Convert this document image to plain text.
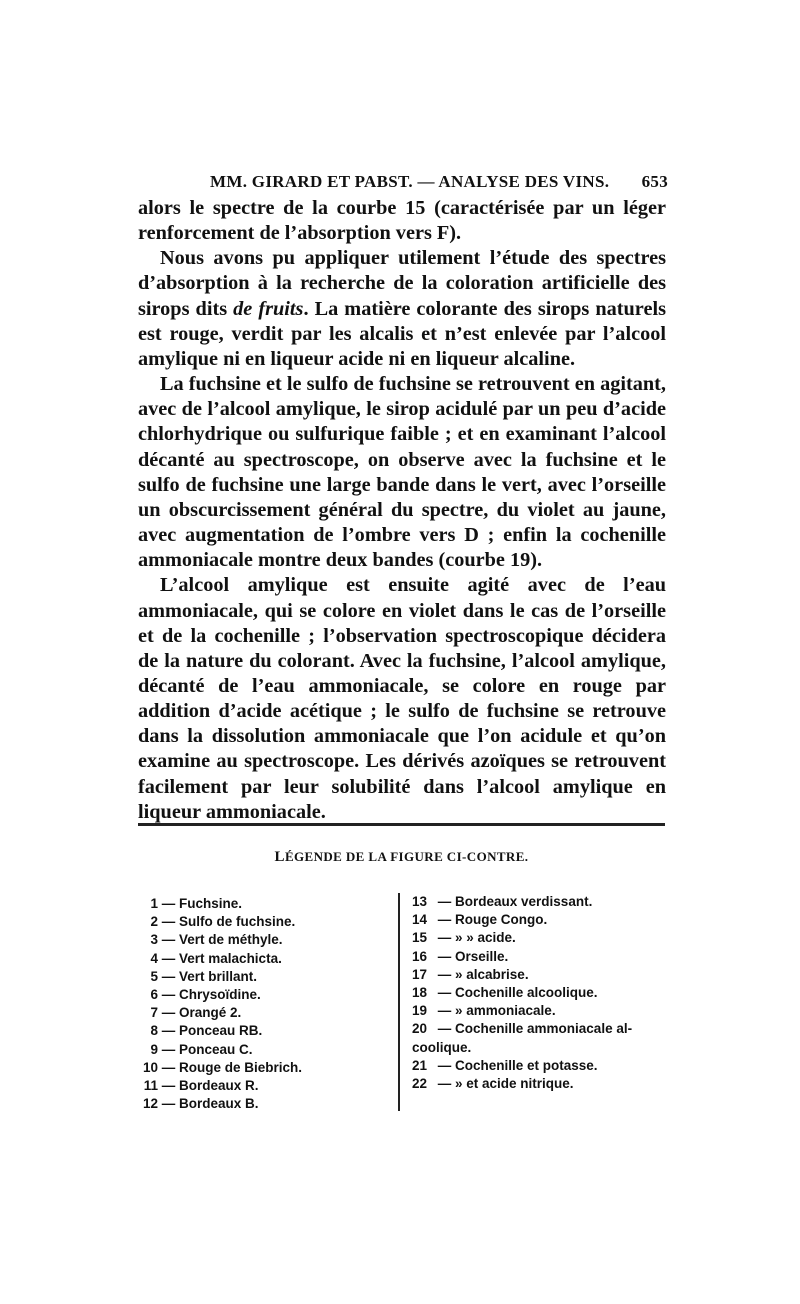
MM. GIRARD ET PABST. — ANALYSE DES VINS. 653

alors le spectre de la courbe 15 (caractérisée par un léger renforcement de l’absorption vers F).

Nous avons pu appliquer utilement l’étude des spectres d’absorption à la recherche de la coloration artificielle des sirops dits de fruits. La matière colorante des sirops naturels est rouge, verdit par les alcalis et n’est enlevée par l’alcool amylique ni en liqueur acide ni en liqueur alcaline.

La fuchsine et le sulfo de fuchsine se retrouvent en agitant, avec de l’alcool amylique, le sirop acidulé par un peu d’acide chlorhydrique ou sulfurique faible ; et en examinant l’alcool décanté au spectroscope, on observe avec la fuchsine et le sulfo de fuchsine une large bande dans le vert, avec l’orseille un obscurcissement général du spectre, du violet au jaune, avec augmentation de l’ombre vers D ; enfin la cochenille ammoniacale montre deux bandes (courbe 19).

L’alcool amylique est ensuite agité avec de l’eau ammoniacale, qui se colore en violet dans le cas de l’orseille et de la cochenille ; l’observation spectroscopique décidera de la nature du colorant. Avec la fuchsine, l’alcool amylique, décanté de l’eau ammoniacale, se colore en rouge par addition d’acide acétique ; le sulfo de fuchsine se retrouve dans la dissolution ammoniacale que l’on acidule et qu’on examine au spectroscope. Les dérivés azoïques se retrouvent facilement par leur solubilité dans l’alcool amylique en liqueur ammoniacale.

LÉGENDE DE LA FIGURE CI-CONTRE.
1 — Fuchsine.
2 — Sulfo de fuchsine.
3 — Vert de méthyle.
4 — Vert malachicta.
5 — Vert brillant.
6 — Chrysoïdine.
7 — Orangé 2.
8 — Ponceau RB.
9 — Ponceau C.
10 — Rouge de Biebrich.
11 — Bordeaux R.
12 — Bordeaux B.
13 — Bordeaux verdissant.
14 — Rouge Congo.
15 — » » acide.
16 — Orseille.
17 — » alcabrise.
18 — Cochenille alcoolique.
19 — » ammoniacale.
20 — Cochenille ammoniacale al-
coolique.
21 — Cochenille et potasse.
22 — » et acide nitrique.
